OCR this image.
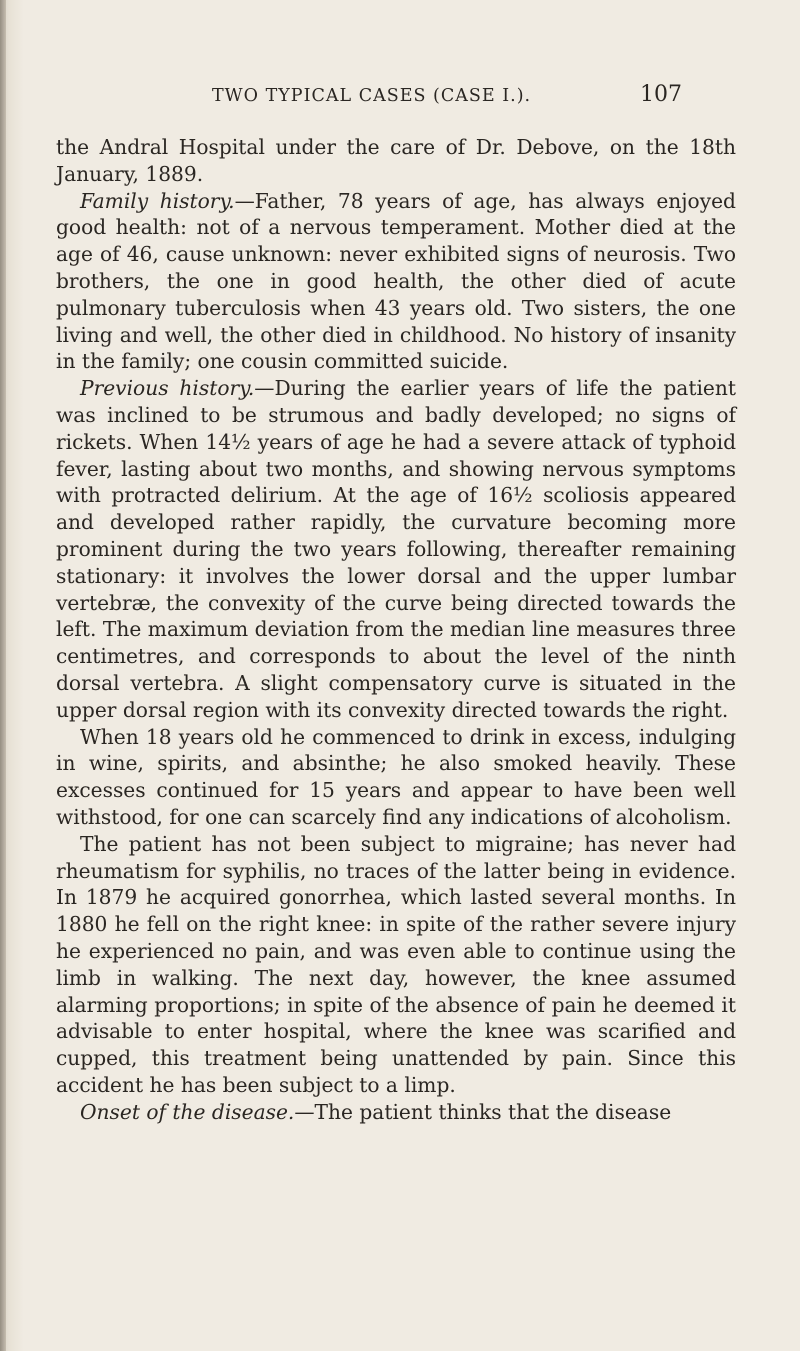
TWO TYPICAL CASES (CASE I.).	107

the Andral Hospital under the care of Dr. Debove, on the 18th January, 1889.

Family history.—Father, 78 years of age, has always enjoyed good health: not of a nervous temperament. Mother died at the age of 46, cause unknown: never exhibited signs of neurosis. Two brothers, the one in good health, the other died of acute pulmonary tuberculosis when 43 years old. Two sisters, the one living and well, the other died in childhood. No history of insanity in the family; one cousin committed suicide.

Previous history.—During the earlier years of life the patient was inclined to be strumous and badly developed; no signs of rickets. When 14½ years of age he had a severe attack of typhoid fever, lasting about two months, and showing nervous symptoms with protracted delirium. At the age of 16½ scoliosis appeared and developed rather rapidly, the curvature becoming more prominent during the two years following, thereafter remaining stationary: it involves the lower dorsal and the upper lumbar vertebræ, the convexity of the curve being directed towards the left. The maximum deviation from the median line measures three centimetres, and corresponds to about the level of the ninth dorsal vertebra. A slight compensatory curve is situated in the upper dorsal region with its convexity directed towards the right.

When 18 years old he commenced to drink in excess, indulging in wine, spirits, and absinthe; he also smoked heavily. These excesses continued for 15 years and appear to have been well withstood, for one can scarcely find any indications of alcoholism.

The patient has not been subject to migraine; has never had rheumatism for syphilis, no traces of the latter being in evidence. In 1879 he acquired gonorrhea, which lasted several months. In 1880 he fell on the right knee: in spite of the rather severe injury he experienced no pain, and was even able to continue using the limb in walking. The next day, however, the knee assumed alarming proportions; in spite of the absence of pain he deemed it advisable to enter hospital, where the knee was scarified and cupped, this treatment being unattended by pain. Since this accident he has been subject to a limp.

Onset of the disease.—The patient thinks that the disease
